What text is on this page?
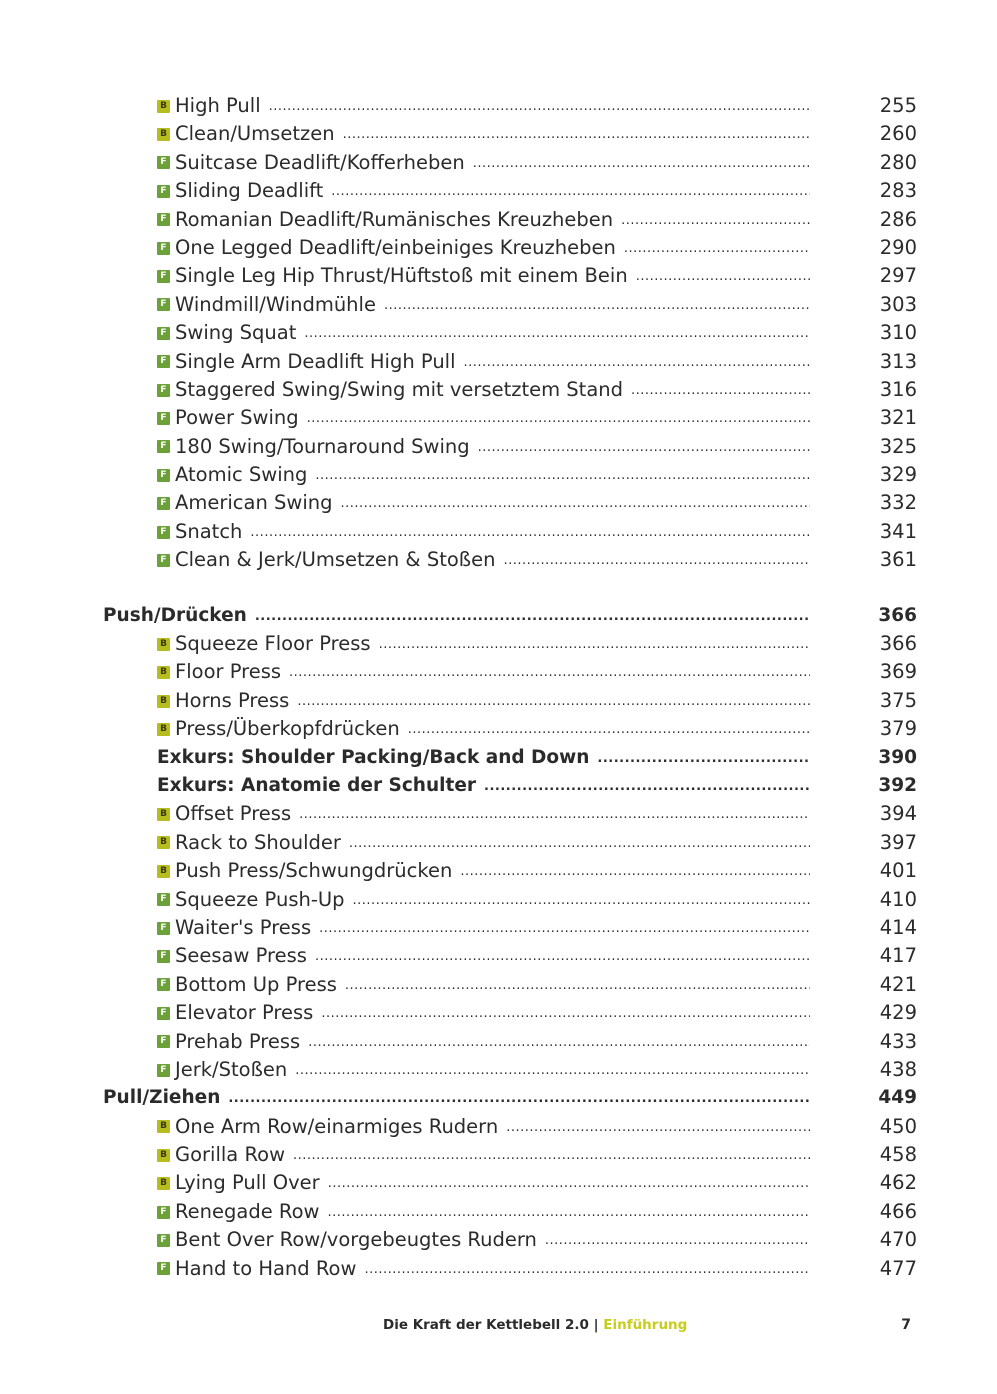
B High Pull .....	255
B Clean/Umsetzen .....	260
F Suitcase Deadlift/Kofferheben .....	280
F Sliding Deadlift .....	283
F Romanian Deadlift/Rumänisches Kreuzheben .....	286
F One Legged Deadlift/einbeiniges Kreuzheben .....	290
F Single Leg Hip Thrust/Hüftstoß mit einem Bein .....	297
F Windmill/Windmühle .....	303
F Swing Squat .....	310
F Single Arm Deadlift High Pull .....	313
F Staggered Swing/Swing mit versetztem Stand .....	316
F Power Swing .....	321
F 180 Swing/Tournaround Swing .....	325
F Atomic Swing .....	329
F American Swing .....	332
F Snatch .....	341
F Clean & Jerk/Umsetzen & Stoßen .....	361
Push/Drücken .....	366
B Squeeze Floor Press .....	366
B Floor Press .....	369
B Horns Press .....	375
B Press/Überkopfdrücken .....	379
Exkurs: Shoulder Packing/Back and Down .....	390
Exkurs: Anatomie der Schulter .....	392
B Offset Press .....	394
B Rack to Shoulder .....	397
B Push Press/Schwungdrücken .....	401
F Squeeze Push-Up .....	410
F Waiter's Press .....	414
F Seesaw Press .....	417
F Bottom Up Press .....	421
F Elevator Press .....	429
F Prehab Press .....	433
F Jerk/Stoßen .....	438
Pull/Ziehen .....	449
B One Arm Row/einarmiges Rudern .....	450
B Gorilla Row .....	458
B Lying Pull Over .....	462
F Renegade Row .....	466
F Bent Over Row/vorgebeugtes Rudern .....	470
F Hand to Hand Row .....	477
Die Kraft der Kettlebell 2.0 | Einführung	7
